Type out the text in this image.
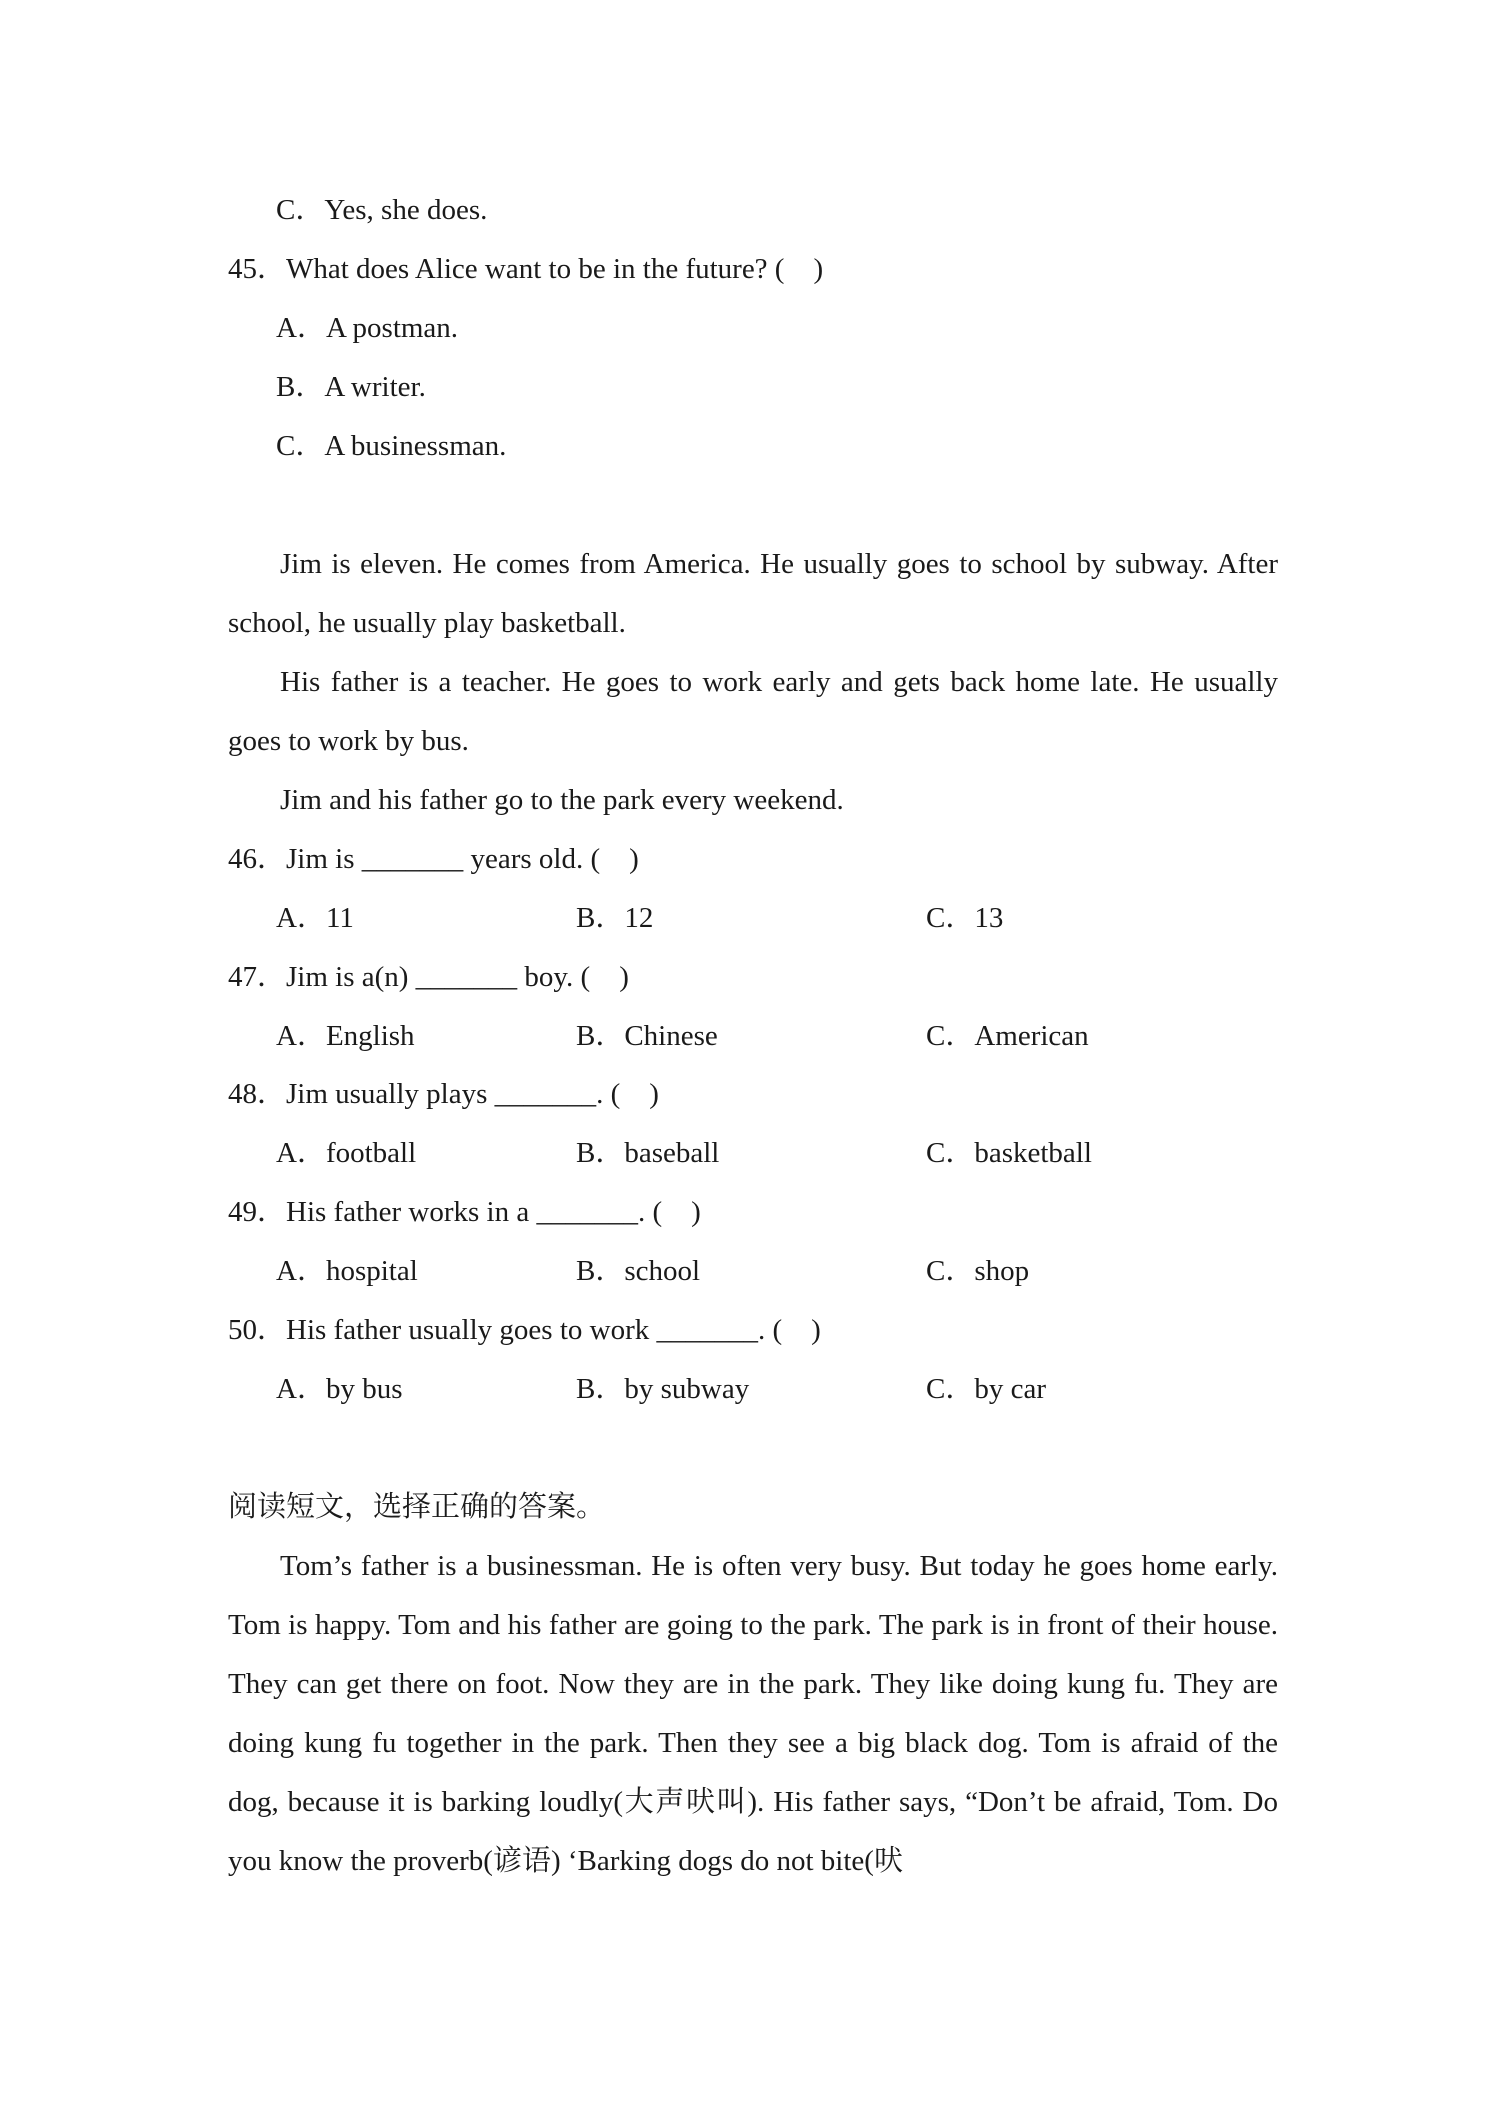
C．Yes, she does.
45．What does Alice want to be in the future? (　)
A．A postman.
B．A writer.
C．A businessman.

Jim is eleven. He comes from America. He usually goes to school by subway. After school, he usually play basketball.

His father is a teacher. He goes to work early and gets back home late. He usually goes to work by bus.

Jim and his father go to the park every weekend.

46．Jim is _______ years old. (　)
A．11	B．12	C．13
47．Jim is a(n) _______ boy. (　)
A．English	B．Chinese	C．American
48．Jim usually plays _______. (　)
A．football	B．baseball	C．basketball
49．His father works in a _______. (　)
A．hospital	B．school	C．shop
50．His father usually goes to work _______. (　)
A．by bus	B．by subway	C．by car
阅读短文，选择正确的答案。

Tom’s father is a businessman. He is often very busy. But today he goes home early. Tom is happy. Tom and his father are going to the park. The park is in front of their house. They can get there on foot. Now they are in the park. They like doing kung fu. They are doing kung fu together in the park. Then they see a big black dog. Tom is afraid of the dog, because it is barking loudly(大声吠叫). His father says, “Don’t be afraid, Tom. Do you know the proverb(谚语) ‘Barking dogs do not bite(吠
